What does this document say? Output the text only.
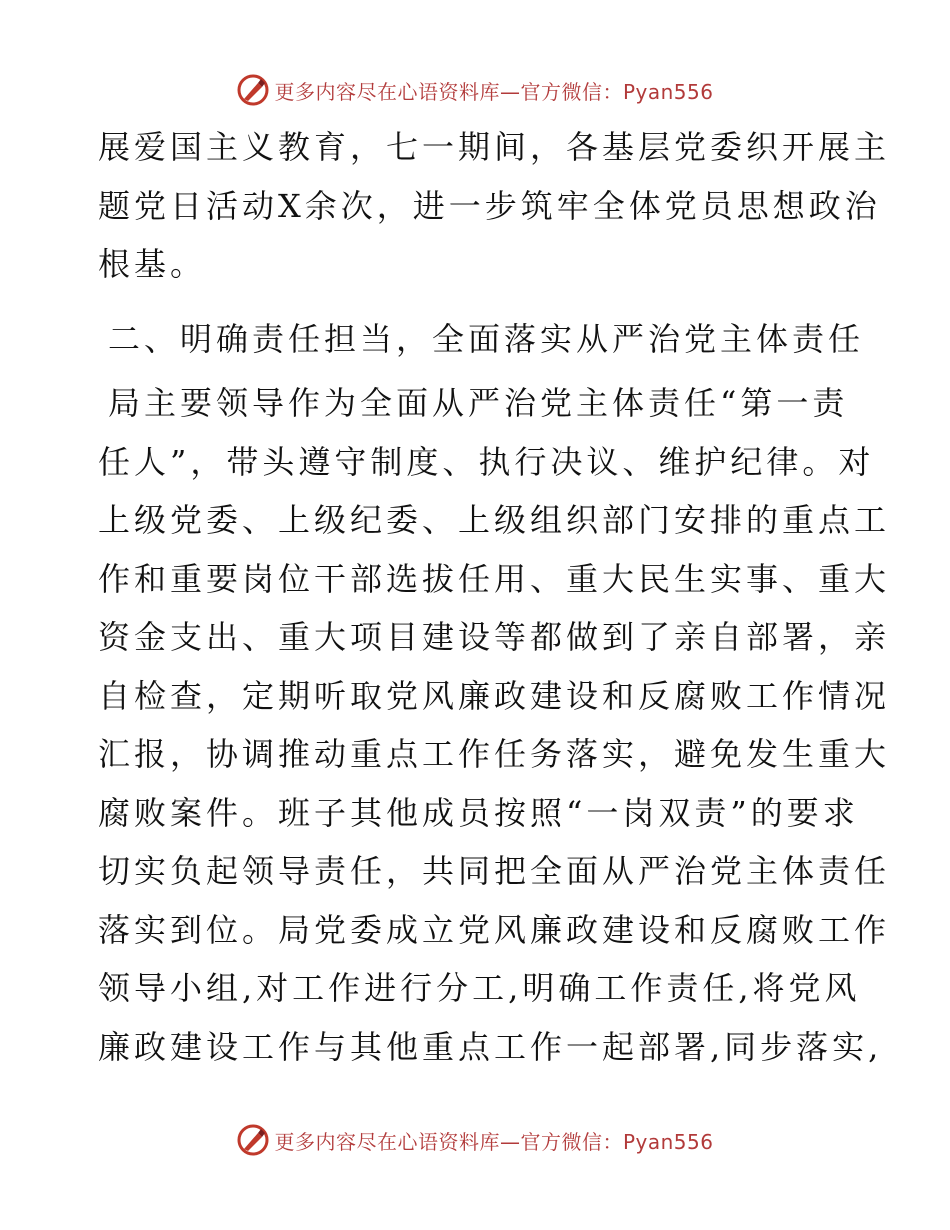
更多内容尽在心语资料库—官方微信：Pyan556
展爱国主义教育，七一期间，各基层党委织开展主
题党日活动X余次，进一步筑牢全体党员思想政治
根基。
二、明确责任担当，全面落实从严治党主体责任
局主要领导作为全面从严治党主体责任“第一责
任人”，带头遵守制度、执行决议、维护纪律。对
上级党委、上级纪委、上级组织部门安排的重点工
作和重要岗位干部选拔任用、重大民生实事、重大
资金支出、重大项目建设等都做到了亲自部署，亲
自检查，定期听取党风廉政建设和反腐败工作情况
汇报，协调推动重点工作任务落实，避免发生重大
腐败案件。班子其他成员按照“一岗双责”的要求
切实负起领导责任，共同把全面从严治党主体责任
落实到位。局党委成立党风廉政建设和反腐败工作
领导小组,对工作进行分工,明确工作责任,将党风
廉政建设工作与其他重点工作一起部署,同步落实,
更多内容尽在心语资料库—官方微信：Pyan556
